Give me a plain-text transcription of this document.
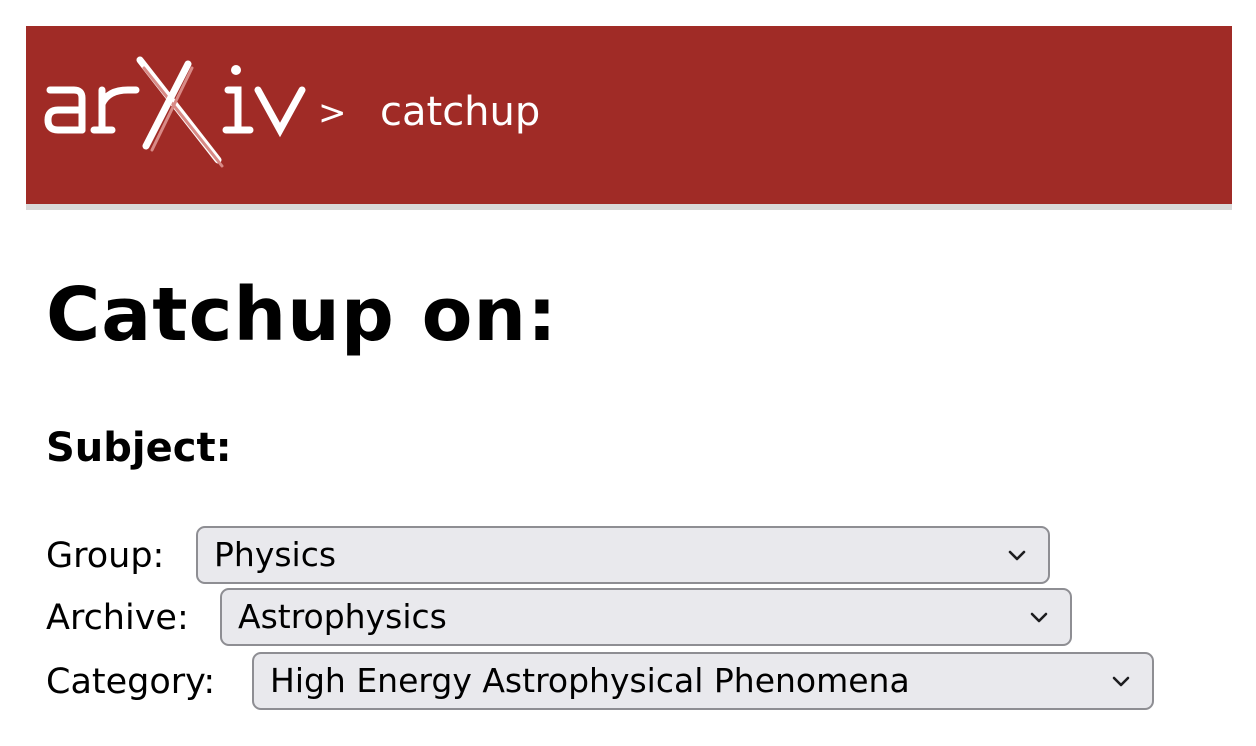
> catchup
Catchup on:
Subject:
Group: Physics
Archive: Astrophysics
Category: High Energy Astrophysical Phenomena
